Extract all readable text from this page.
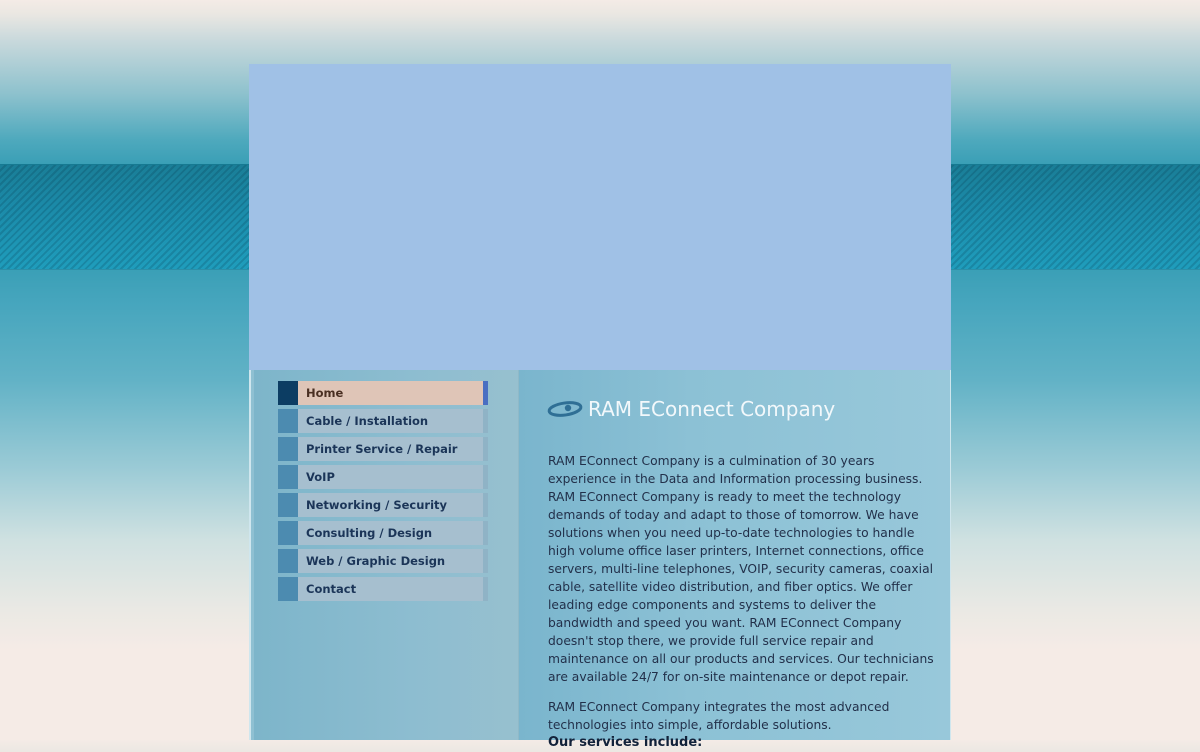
Home
Cable / Installation
Printer Service / Repair
VoIP
Networking / Security
Consulting / Design
Web / Graphic Design
Contact
RAM EConnect Company

RAM EConnect Company is a culmination of 30 years experience in the Data and Information processing business. RAM EConnect Company is ready to meet the technology demands of today and adapt to those of tomorrow. We have solutions when you need up-to-date technologies to handle high volume office laser printers, Internet connections, office servers, multi-line telephones, VOIP, security cameras, coaxial cable, satellite video distribution, and fiber optics. We offer leading edge components and systems to deliver the bandwidth and speed you want. RAM EConnect Company doesn't stop there, we provide full service repair and maintenance on all our products and services. Our technicians are available 24/7 for on-site maintenance or depot repair.

RAM EConnect Company integrates the most advanced technologies into simple, affordable solutions.

Our services include:
